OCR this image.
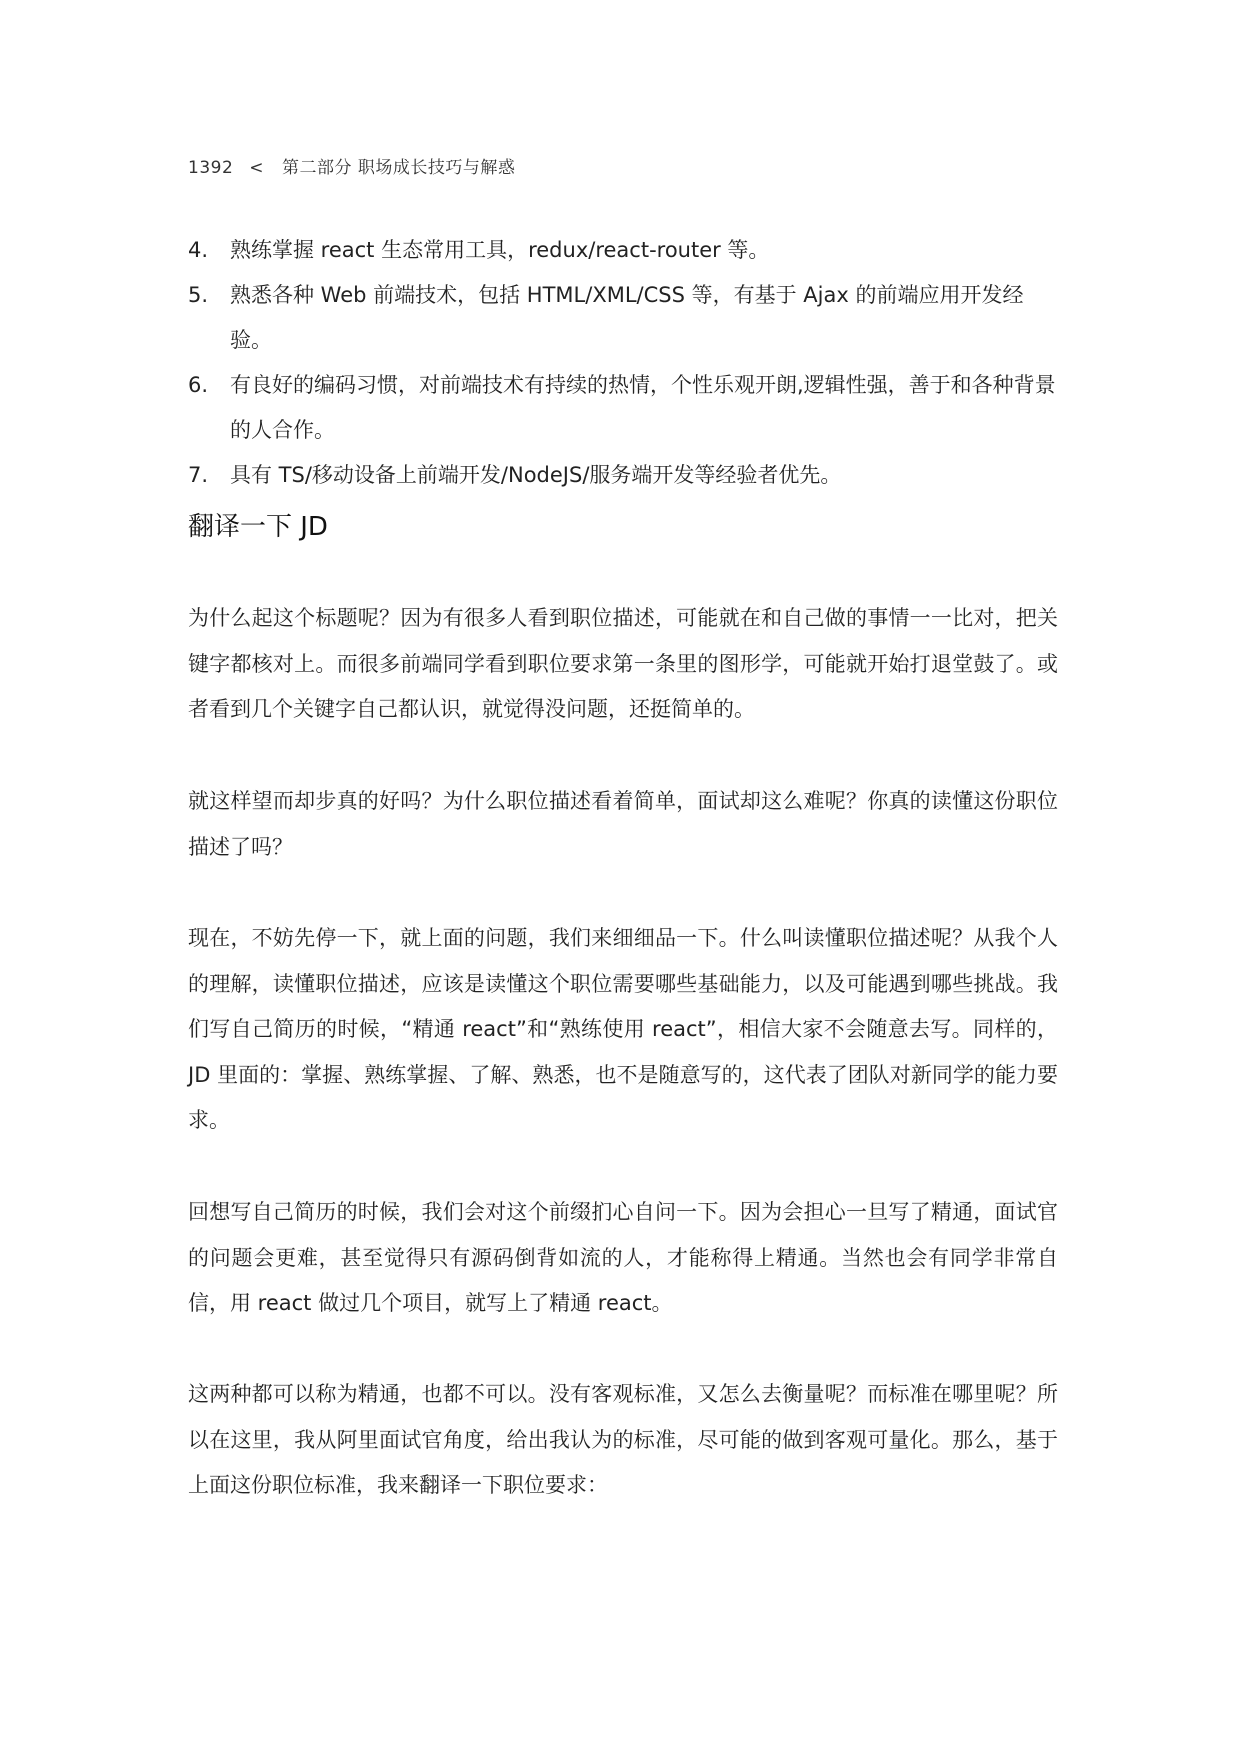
1392 < 第二部分 职场成长技巧与解惑
4. 熟练掌握 react 生态常用工具，redux/react-router 等。
5. 熟悉各种 Web 前端技术，包括 HTML/XML/CSS 等，有基于 Ajax 的前端应用开发经验。
6. 有良好的编码习惯，对前端技术有持续的热情，个性乐观开朗,逻辑性强，善于和各种背景的人合作。
7. 具有 TS/移动设备上前端开发/NodeJS/服务端开发等经验者优先。
翻译一下 JD

为什么起这个标题呢？因为有很多人看到职位描述，可能就在和自己做的事情一一比对，把关键字都核对上。而很多前端同学看到职位要求第一条里的图形学，可能就开始打退堂鼓了。或者看到几个关键字自己都认识，就觉得没问题，还挺简单的。

就这样望而却步真的好吗？为什么职位描述看着简单，面试却这么难呢？你真的读懂这份职位描述了吗？

现在，不妨先停一下，就上面的问题，我们来细细品一下。什么叫读懂职位描述呢？从我个人的理解，读懂职位描述，应该是读懂这个职位需要哪些基础能力，以及可能遇到哪些挑战。我们写自己简历的时候，“精通 react”和“熟练使用 react”，相信大家不会随意去写。同样的，JD 里面的：掌握、熟练掌握、了解、熟悉，也不是随意写的，这代表了团队对新同学的能力要求。

回想写自己简历的时候，我们会对这个前缀扪心自问一下。因为会担心一旦写了精通，面试官的问题会更难，甚至觉得只有源码倒背如流的人，才能称得上精通。当然也会有同学非常自信，用 react 做过几个项目，就写上了精通 react。

这两种都可以称为精通，也都不可以。没有客观标准，又怎么去衡量呢？而标准在哪里呢？所以在这里，我从阿里面试官角度，给出我认为的标准，尽可能的做到客观可量化。那么，基于上面这份职位标准，我来翻译一下职位要求：
